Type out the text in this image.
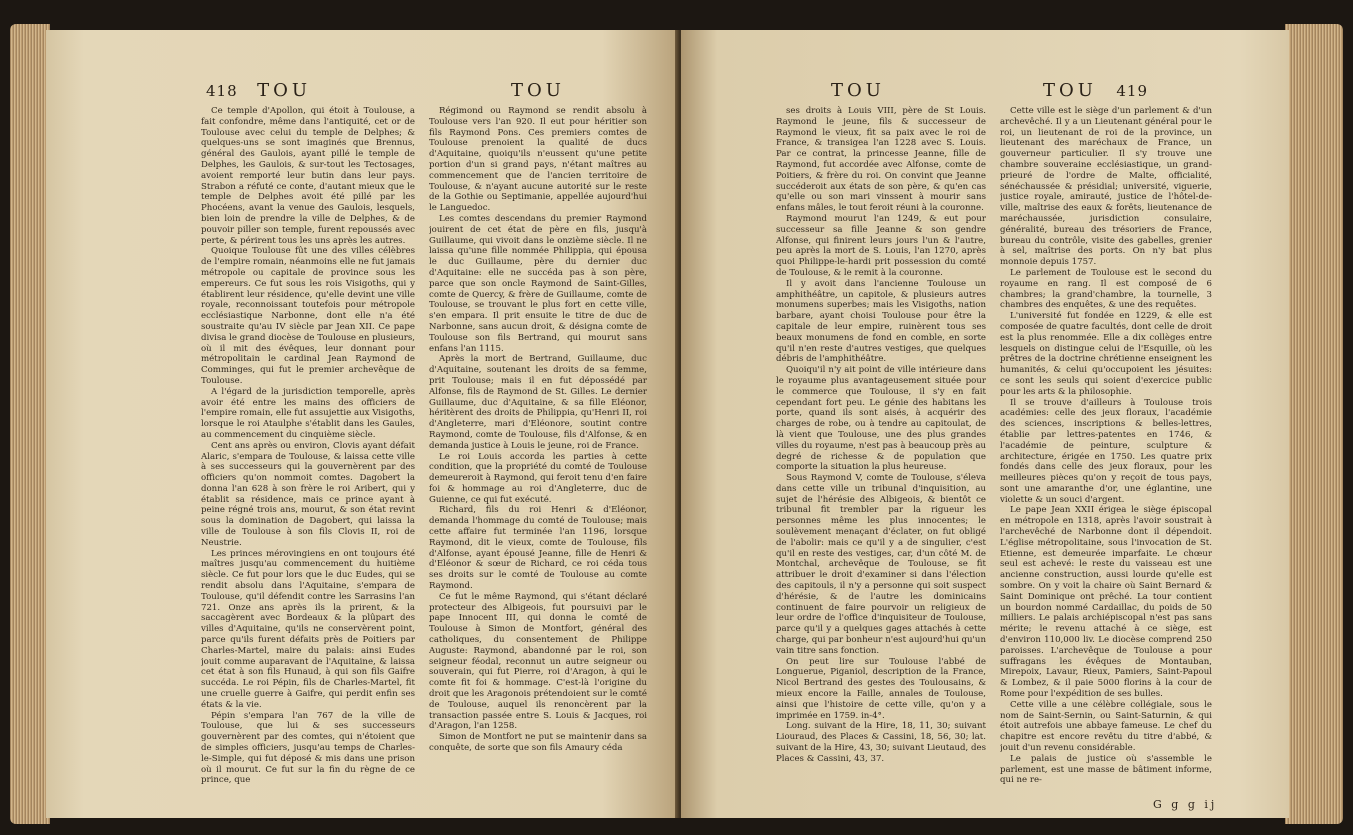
418 TOU	TOU

Ce temple d'Apollon, qui étoit à Toulouse, a fait confondre, même dans l'antiquité, cet or de Toulouse avec celui du temple de Delphes; & quelques-uns se sont imaginés que Brennus, général des Gaulois, ayant pillé le temple de Delphes, les Gaulois, & sur-tout les Tectosages, avoient remporté leur butin dans leur pays. Strabon a réfuté ce conte, d'autant mieux que le temple de Delphes avoit été pillé par les Phocéens, avant la venue des Gaulois, lesquels, bien loin de prendre la ville de Delphes, & de pouvoir piller son temple, furent repoussés avec perte, & périrent tous les uns après les autres.

Quoique Toulouse fût une des villes célèbres de l'empire romain, néanmoins elle ne fut jamais métropole ou capitale de province sous les empereurs. Ce fut sous les rois Visigoths, qui y établirent leur résidence, qu'elle devint une ville royale, reconnoissant toutefois pour métropole ecclésiastique Narbonne, dont elle n'a été soustraite qu'au IV siècle par Jean XII. Ce pape divisa le grand diocèse de Toulouse en plusieurs, où il mit des évêques, leur donnant pour métropolitain le cardinal Jean Raymond de Comminges, qui fut le premier archevêque de Toulouse.

A l'égard de la jurisdiction temporelle, après avoir été entre les mains des officiers de l'empire romain, elle fut assujettie aux Visigoths, lorsque le roi Ataulphe s'établit dans les Gaules, au commencement du cinquième siècle.

Cent ans après ou environ, Clovis ayant défait Alaric, s'empara de Toulouse, & laissa cette ville à ses successeurs qui la gouvernèrent par des officiers qu'on nommoit comtes. Dagobert la donna l'an 628 à son frère le roi Aribert, qui y établit sa résidence, mais ce prince ayant à peine régné trois ans, mourut, & son état revint sous la domination de Dagobert, qui laissa la ville de Toulouse à son fils Clovis II, roi de Neustrie.

Les princes mérovingiens en ont toujours été maîtres jusqu'au commencement du huitième siècle. Ce fut pour lors que le duc Eudes, qui se rendit absolu dans l'Aquitaine, s'empara de Toulouse, qu'il défendit contre les Sarrasins l'an 721. Onze ans après ils la prirent, & la saccagèrent avec Bordeaux & la plûpart des villes d'Aquitaine, qu'ils ne conservèrent point, parce qu'ils furent défaits près de Poitiers par Charles-Martel, maire du palais: ainsi Eudes jouit comme auparavant de l'Aquitaine, & laissa cet état à son fils Hunaud, à qui son fils Gaifre succéda. Le roi Pépin, fils de Charles-Martel, fit une cruelle guerre à Gaifre, qui perdit enfin ses états & la vie.

Pépin s'empara l'an 767 de la ville de Toulouse, que lui & ses successeurs gouvernèrent par des comtes, qui n'étoient que de simples officiers, jusqu'au temps de Charles-le-Simple, qui fut déposé & mis dans une prison où il mourut. Ce fut sur la fin du règne de ce prince, que

Régimond ou Raymond se rendit absolu à Toulouse vers l'an 920. Il eut pour héritier son fils Raymond Pons. Ces premiers comtes de Toulouse prenoient la qualité de ducs d'Aquitaine, quoiqu'ils n'eussent qu'une petite portion d'un si grand pays, n'étant maîtres au commencement que de l'ancien territoire de Toulouse, & n'ayant aucune autorité sur le reste de la Gothie ou Septimanie, appellée aujourd'hui le Languedoc.

Les comtes descendans du premier Raymond jouirent de cet état de père en fils, jusqu'à Guillaume, qui vivoit dans le onzième siècle. Il ne laissa qu'une fille nommée Philippia, qui épousa le duc Guillaume, père du dernier duc d'Aquitaine: elle ne succéda pas à son père, parce que son oncle Raymond de Saint-Gilles, comte de Quercy, & frère de Guillaume, comte de Toulouse, se trouvant le plus fort en cette ville, s'en empara. Il prit ensuite le titre de duc de Narbonne, sans aucun droit, & désigna comte de Toulouse son fils Bertrand, qui mourut sans enfans l'an 1115.

Après la mort de Bertrand, Guillaume, duc d'Aquitaine, soutenant les droits de sa femme, prit Toulouse; mais il en fut dépossédé par Alfonse, fils de Raymond de St. Gilles. Le dernier Guillaume, duc d'Aquitaine, & sa fille Eléonor, héritèrent des droits de Philippia, qu'Henri II, roi d'Angleterre, mari d'Eléonore, soutint contre Raymond, comte de Toulouse, fils d'Alfonse, & en demanda justice à Louis le jeune, roi de France.

Le roi Louis accorda les parties à cette condition, que la propriété du comté de Toulouse demeureroit à Raymond, qui feroit tenu d'en faire foi & hommage au roi d'Angleterre, duc de Guienne, ce qui fut exécuté.

Richard, fils du roi Henri & d'Eléonor, demanda l'hommage du comté de Toulouse; mais cette affaire fut terminée l'an 1196, lorsque Raymond, dit le vieux, comte de Toulouse, fils d'Alfonse, ayant épousé Jeanne, fille de Henri & d'Eléonor & sœur de Richard, ce roi céda tous ses droits sur le comté de Toulouse au comte Raymond.

Ce fut le même Raymond, qui s'étant déclaré protecteur des Albigeois, fut poursuivi par le pape Innocent III, qui donna le comté de Toulouse à Simon de Montfort, général des catholiques, du consentement de Philippe Auguste: Raymond, abandonné par le roi, son seigneur féodal, reconnut un autre seigneur ou souverain, qui fut Pierre, roi d'Aragon, à qui le comte fit foi & hommage. C'est-là l'origine du droit que les Aragonois prétendoient sur le comté de Toulouse, auquel ils renoncèrent par la transaction passée entre S. Louis & Jacques, roi d'Aragon, l'an 1258.

Simon de Montfort ne put se maintenir dans sa conquête, de sorte que son fils Amaury céda

TOU	TOU 419

ses droits à Louis VIII, père de St Louis. Raymond le jeune, fils & successeur de Raymond le vieux, fit sa paix avec le roi de France, & transigea l'an 1228 avec S. Louis. Par ce contrat, la princesse Jeanne, fille de Raymond, fut accordée avec Alfonse, comte de Poitiers, & frère du roi. On convint que Jeanne succéderoit aux états de son père, & qu'en cas qu'elle ou son mari vinssent à mourir sans enfans mâles, le tout feroit réuni à la couronne.

Raymond mourut l'an 1249, & eut pour successeur sa fille Jeanne & son gendre Alfonse, qui finirent leurs jours l'un & l'autre, peu après la mort de S. Louis, l'an 1270, après quoi Philippe-le-hardi prit possession du comté de Toulouse, & le remit à la couronne.

Il y avoit dans l'ancienne Toulouse un amphithéâtre, un capitole, & plusieurs autres monumens superbes; mais les Visigoths, nation barbare, ayant choisi Toulouse pour être la capitale de leur empire, ruinèrent tous ses beaux monumens de fond en comble, en sorte qu'il n'en reste d'autres vestiges, que quelques débris de l'amphithéâtre.

Quoiqu'il n'y ait point de ville intérieure dans le royaume plus avantageusement située pour le commerce que Toulouse, il s'y en fait cependant fort peu. Le génie des habitans les porte, quand ils sont aisés, à acquérir des charges de robe, ou à tendre au capitoulat, de là vient que Toulouse, une des plus grandes villes du royaume, n'est pas à beaucoup près au degré de richesse & de population que comporte la situation la plus heureuse.

Sous Raymond V, comte de Toulouse, s'éleva dans cette ville un tribunal d'inquisition, au sujet de l'hérésie des Albigeois, & bientôt ce tribunal fit trembler par la rigueur les personnes même les plus innocentes; le soulèvement menaçant d'éclater, on fut obligé de l'abolir: mais ce qu'il y a de singulier, c'est qu'il en reste des vestiges, car, d'un côté M. de Montchal, archevêque de Toulouse, se fit attribuer le droit d'examiner si dans l'élection des capitouls, il n'y a personne qui soit suspect d'hérésie, & de l'autre les dominicains continuent de faire pourvoir un religieux de leur ordre de l'office d'inquisiteur de Toulouse, parce qu'il y a quelques gages attachés à cette charge, qui par bonheur n'est aujourd'hui qu'un vain titre sans fonction.

On peut lire sur Toulouse l'abbé de Longuerue, Piganiol, description de la France, Nicol Bertrand des gestes des Toulousains, & mieux encore la Faille, annales de Toulouse, ainsi que l'histoire de cette ville, qu'on y a imprimée en 1759. in-4°.

Long. suivant de la Hire, 18, 11, 30; suivant Liouraud, des Places & Cassini, 18, 56, 30; lat. suivant de la Hire, 43, 30; suivant Lieutaud, des Places & Cassini, 43, 37.

Cette ville est le siège d'un parlement & d'un archevêché. Il y a un Lieutenant général pour le roi, un lieutenant de roi de la province, un lieutenant des maréchaux de France, un gouverneur particulier. Il s'y trouve une chambre souveraine ecclésiastique, un grand-prieuré de l'ordre de Malte, officialité, sénéchaussée & présidial; université, viguerie, justice royale, amirauté, justice de l'hôtel-de-ville, maîtrise des eaux & forêts, lieutenance de maréchaussée, jurisdiction consulaire, généralité, bureau des trésoriers de France, bureau du contrôle, visite des gabelles, grenier à sel, maîtrise des ports. On n'y bat plus monnoie depuis 1757.

Le parlement de Toulouse est le second du royaume en rang. Il est composé de 6 chambres; la grand'chambre, la tournelle, 3 chambres des enquêtes, & une des requêtes.

L'université fut fondée en 1229, & elle est composée de quatre facultés, dont celle de droit est la plus renommée. Elle a dix collèges entre lesquels on distingue celui de l'Esquille, où les prêtres de la doctrine chrétienne enseignent les humanités, & celui qu'occupoient les jésuites: ce sont les seuls qui soient d'exercice public pour les arts & la philosophie.

Il se trouve d'ailleurs à Toulouse trois académies: celle des jeux floraux, l'académie des sciences, inscriptions & belles-lettres, établie par lettres-patentes en 1746, & l'académie de peinture, sculpture & architecture, érigée en 1750. Les quatre prix fondés dans celle des jeux floraux, pour les meilleures pièces qu'on y reçoit de tous pays, sont une amaranthe d'or, une églantine, une violette & un souci d'argent.

Le pape Jean XXII érigea le siège épiscopal en métropole en 1318, après l'avoir soustrait à l'archevêché de Narbonne dont il dépendoit. L'église métropolitaine, sous l'invocation de St. Etienne, est demeurée imparfaite. Le chœur seul est achevé: le reste du vaisseau est une ancienne construction, aussi lourde qu'elle est sombre. On y voit la chaire où Saint Bernard & Saint Dominique ont prêché. La tour contient un bourdon nommé Cardaillac, du poids de 50 milliers. Le palais archiépiscopal n'est pas sans mérite; le revenu attaché à ce siège, est d'environ 110,000 liv. Le diocèse comprend 250 paroisses. L'archevêque de Toulouse a pour suffragans les évêques de Montauban, Mirepoix, Lavaur, Rieux, Pamiers, Saint-Papoul & Lombez, & il paie 5000 florins à la cour de Rome pour l'expédition de ses bulles.

Cette ville a une célèbre collégiale, sous le nom de Saint-Sernin, ou Saint-Saturnin, & qui étoit autrefois une abbaye fameuse. Le chef du chapitre est encore revêtu du titre d'abbé, & jouit d'un revenu considérable.

Le palais de justice où s'assemble le parlement, est une masse de bâtiment informe, qui ne re-

G g g ij
